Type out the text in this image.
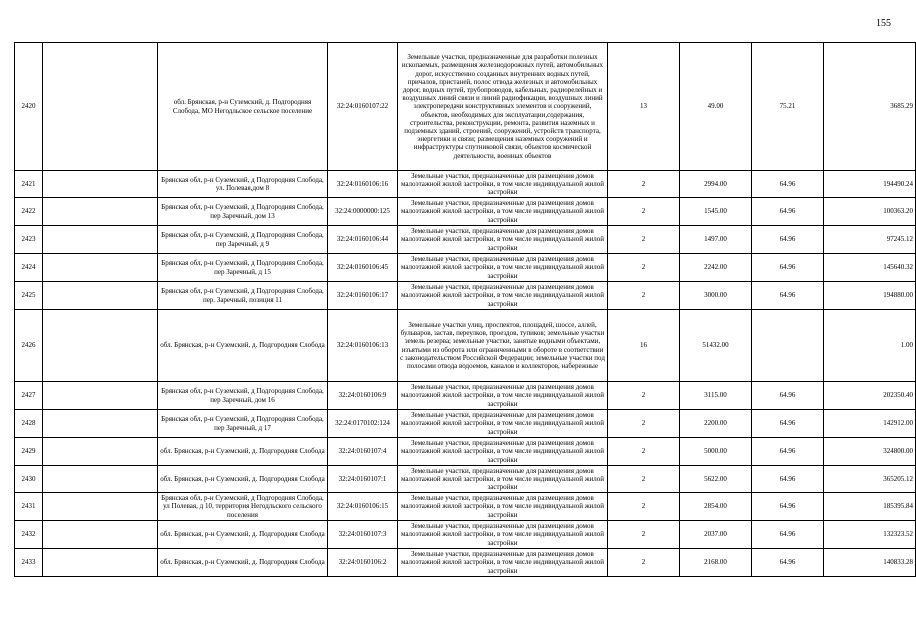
155
2420		обл. Брянская, р-н Суземский, д. Подгородняя Слобода, МО Негодльское сельское поселение	32:24:0160107:22	Земельные участки, предназначенные для разработки полезных ископаемых, размещения железнодорожных путей, автомобильных дорог, искусственно созданных внутренних водных путей, причалов, пристаней, полос отвода железных и автомобильных дорог, водных путей, трубопроводов, кабельных, радиорелейных и воздушных линий связи и линий радиофикации, воздушных линий электропередачи конструктивных элементов и сооружений, объектов, необходимых для эксплуатации,содержания, строительства, реконструкции, ремонта, развития наземных и подземных зданий, строений, сооружений, устройств транспорта, энергетики и связи; размещения наземных сооружений и инфраструктуры спутниковой связи, объектов космической деятельности, военных объектов	13	49.00	75.21	3685.29
2421		Брянская обл, р-н Суземский, д Подгородняя Слобода, ул. Полевая,дом 8	32:24:0160106:16	Земельные участки, предназначенные для размещения домов малоэтажной жилой застройки, в том числе индивидуальной жилой застройки	2	2994.00	64.96	194490.24
2422		Брянская обл, р-н Суземский, д Подгородняя Слобода, пер Заречный, дом 13	32:24:0000000:125	Земельные участки, предназначенные для размещения домов малоэтажной жилой застройки, в том числе индивидуальной жилой застройки	2	1545.00	64.96	100363.20
2423		Брянская обл, р-н Суземский, д Подгородняя Слобода, пер Заречный, д 9	32:24:0160106:44	Земельные участки, предназначенные для размещения домов малоэтажной жилой застройки, в том числе индивидуальной жилой застройки	2	1497.00	64.96	97245.12
2424		Брянская обл, р-н Суземский, д Подгородняя Слобода, пер Заречный, д 15	32:24:0160106:45	Земельные участки, предназначенные для размещения домов малоэтажной жилой застройки, в том числе индивидуальной жилой застройки	2	2242.00	64.96	145640.32
2425		Брянская обл, р-н Суземский, д Подгородняя Слобода, пер. Заречный, позиция 11	32:24:0160106:17	Земельные участки, предназначенные для размещения домов малоэтажной жилой застройки, в том числе индивидуальной жилой застройки	2	3000.00	64.96	194880.00
2426		обл. Брянская, р-н Суземский, д. Подгородняя Слобода	32:24:0160106:13	Земельные участки улиц, проспектов, площадей, шоссе, аллей, бульваров, застав, переулков, проездов, тупиков; земельные участки земель резерва; земельные участки, занятые водными объектами, изъятыми из оборота или ограниченными в обороте в соответствии с законодательством Российской Федерации; земельные участки под полосами отвода водоемов, каналов и коллекторов, набережные	16	51432.00		1.00
2427		Брянская обл, р-н Суземский, д Подгородняя Слобода, пер Заречный, дом 16	32:24:0160106:9	Земельные участки, предназначенные для размещения домов малоэтажной жилой застройки, в том числе индивидуальной жилой застройки	2	3115.00	64.96	202350.40
2428		Брянская обл, р-н Суземский, д Подгородняя Слобода, пер Заречный, д 17	32:24:0170102:124	Земельные участки, предназначенные для размещения домов малоэтажной жилой застройки, в том числе индивидуальной жилой застройки	2	2200.00	64.96	142912.00
2429		обл. Брянская, р-н Суземский, д. Подгородняя Слобода	32:24:0160107:4	Земельные участки, предназначенные для размещения домов малоэтажной жилой застройки, в том числе индивидуальной жилой застройки	2	5000.00	64.96	324800.00
2430		обл. Брянская, р-н Суземский, д. Подгородняя Слобода	32:24:0160107:1	Земельные участки, предназначенные для размещения домов малоэтажной жилой застройки, в том числе индивидуальной жилой застройки	2	5622.00	64.96	365205.12
2431		Брянская обл, р-н Суземский, д Подгородняя Слобода, ул Полевая, д 10, территория Негодльского сельского поселения	32:24:0160106:15	Земельные участки, предназначенные для размещения домов малоэтажной жилой застройки, в том числе индивидуальной жилой застройки	2	2854.00	64.96	185395.84
2432		обл. Брянская, р-н Суземский, д. Подгородняя Слобода	32:24:0160107:3	Земельные участки, предназначенные для размещения домов малоэтажной жилой застройки, в том числе индивидуальной жилой застройки	2	2037.00	64.96	132323.52
2433		обл. Брянская, р-н Суземский, д. Подгородняя Слобода	32:24:0160106:2	Земельные участки, предназначенные для размещения домов малоэтажной жилой застройки, в том числе индивидуальной жилой застройки	2	2168.00	64.96	140833.28
